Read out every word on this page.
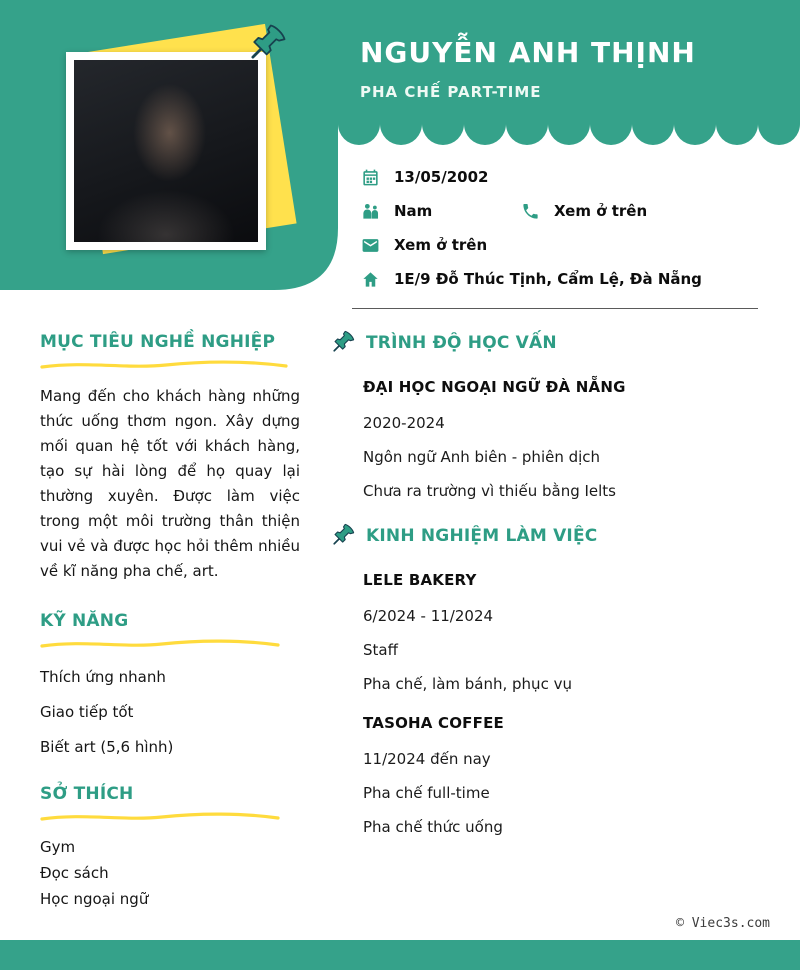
NGUYỄN ANH THỊNH
PHA CHẾ PART-TIME
13/05/2002
Nam	Xem ở trên
Xem ở trên
1E/9 Đỗ Thúc Tịnh, Cẩm Lệ, Đà Nẵng
MỤC TIÊU NGHỀ NGHIỆP

Mang đến cho khách hàng những thức uống thơm ngon. Xây dựng mối quan hệ tốt với khách hàng, tạo sự hài lòng để họ quay lại thường xuyên. Được làm việc trong một môi trường thân thiện vui vẻ và được học hỏi thêm nhiều về kĩ năng pha chế, art.

KỸ NĂNG
Thích ứng nhanh
Giao tiếp tốt
Biết art (5,6 hình)
SỞ THÍCH
Gym
Đọc sách
Học ngoại ngữ
TRÌNH ĐỘ HỌC VẤN
ĐẠI HỌC NGOẠI NGỮ ĐÀ NẴNG
2020-2024
Ngôn ngữ Anh biên - phiên dịch
Chưa ra trường vì thiếu bằng Ielts
KINH NGHIỆM LÀM VIỆC
LELE BAKERY
6/2024 - 11/2024
Staff
Pha chế, làm bánh, phục vụ
TASOHA COFFEE
11/2024 đến nay
Pha chế full-time
Pha chế thức uống
© Viec3s.com
